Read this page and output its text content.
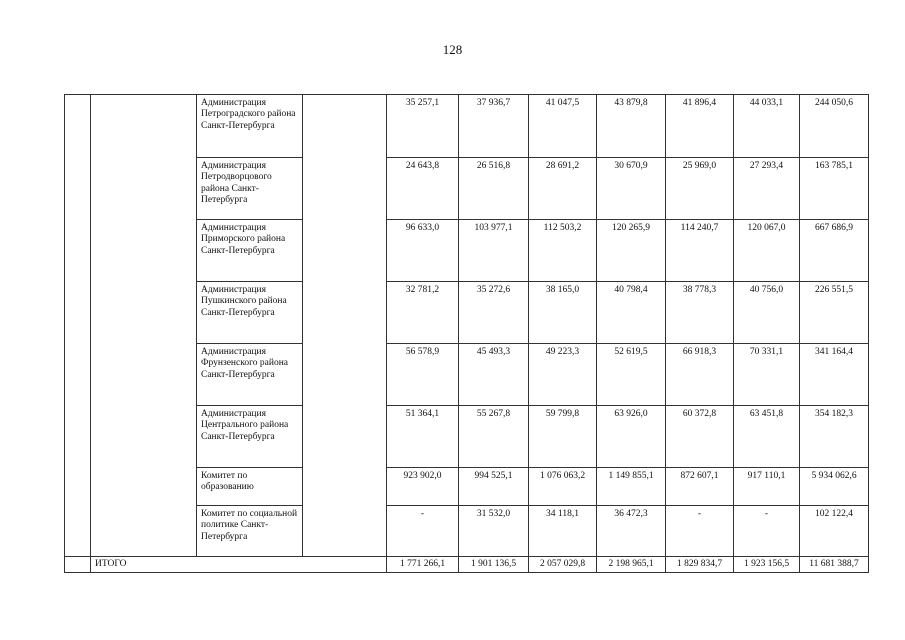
128
		Администрация Петроградского района Санкт-Петербурга		35 257,1	37 936,7	41 047,5	43 879,8	41 896,4	44 033,1	244 050,6
		Администрация Петродворцового района Санкт-Петербурга		24 643,8	26 516,8	28 691,2	30 670,9	25 969,0	27 293,4	163 785,1
		Администрация Приморского района Санкт-Петербурга		96 633,0	103 977,1	112 503,2	120 265,9	114 240,7	120 067,0	667 686,9
		Администрация Пушкинского района Санкт-Петербурга		32 781,2	35 272,6	38 165,0	40 798,4	38 778,3	40 756,0	226 551,5
		Администрация Фрунзенского района Санкт-Петербурга		56 578,9	45 493,3	49 223,3	52 619,5	66 918,3	70 331,1	341 164,4
		Администрация Центрального района Санкт-Петербурга		51 364,1	55 267,8	59 799,8	63 926,0	60 372,8	63 451,8	354 182,3
		Комитет по образованию		923 902,0	994 525,1	1 076 063,2	1 149 855,1	872 607,1	917 110,1	5 934 062,6
		Комитет по социальной политике Санкт-Петербурга		-	31 532,0	34 118,1	36 472,3	-	-	102 122,4
	ИТОГО			1 771 266,1	1 901 136,5	2 057 029,8	2 198 965,1	1 829 834,7	1 923 156,5	11 681 388,7
